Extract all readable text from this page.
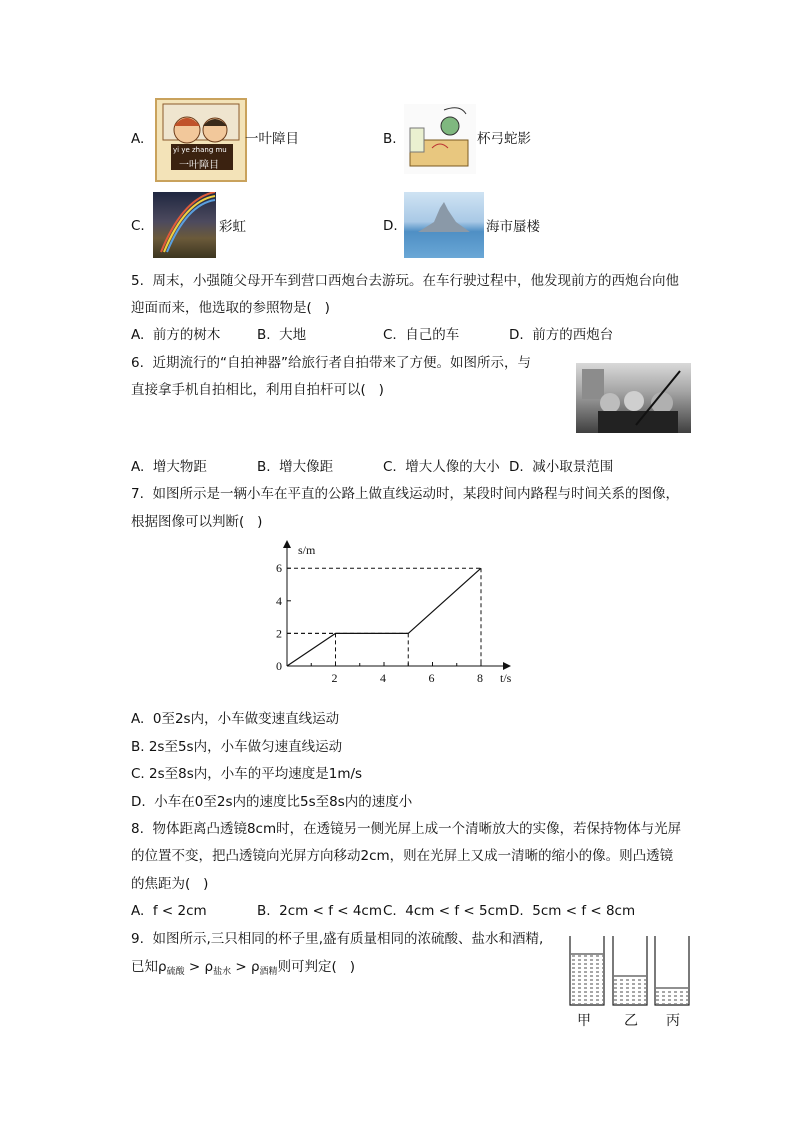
A.
yi ye zhang mu
一叶障目
一叶障目	B.	杯弓蛇影
C.	彩虹	D.	海市蜃楼
5.  周末，小强随父母开车到营口西炮台去游玩。在车行驶过程中，他发现前方的西炮台向他
迎面而来，他选取的参照物是(   )
A.  前方的树木	B.  大地	C.  自己的车	D.  前方的西炮台
6.  近期流行的“自拍神器”给旅行者自拍带来了方便。如图所示，与
直接拿手机自拍相比，利用自拍杆可以(   )
A.  增大物距	B.  增大像距	C.  增大人像的大小 D.  减小取景范围
7.  如图所示是一辆小车在平直的公路上做直线运动时，某段时间内路程与时间关系的图像，
根据图像可以判断(   )
s/m
t/s
2	4	6	8
0
2
4
6
A.  0至2s内，小车做变速直线运动
B. 2s至5s内，小车做匀速直线运动
C. 2s至8s内，小车的平均速度是1m/s
D.  小车在0至2s内的速度比5s至8s内的速度小
8.  物体距离凸透镜8cm时，在透镜另一侧光屏上成一个清晰放大的实像，若保持物体与光屏
的位置不变，把凸透镜向光屏方向移动2cm，则在光屏上又成一清晰的缩小的像。则凸透镜
的焦距为(   )
A.  f < 2cm	B.  2cm < f < 4cm C.  4cm < f < 5cm D.  5cm < f < 8cm
9.  如图所示,三只相同的杯子里,盛有质量相同的浓硫酸、盐水和酒精,
已知$\rho_{硫酸} > \rho_{盐水} > \rho_{酒精}$则可判定(   )
甲 乙 丙
